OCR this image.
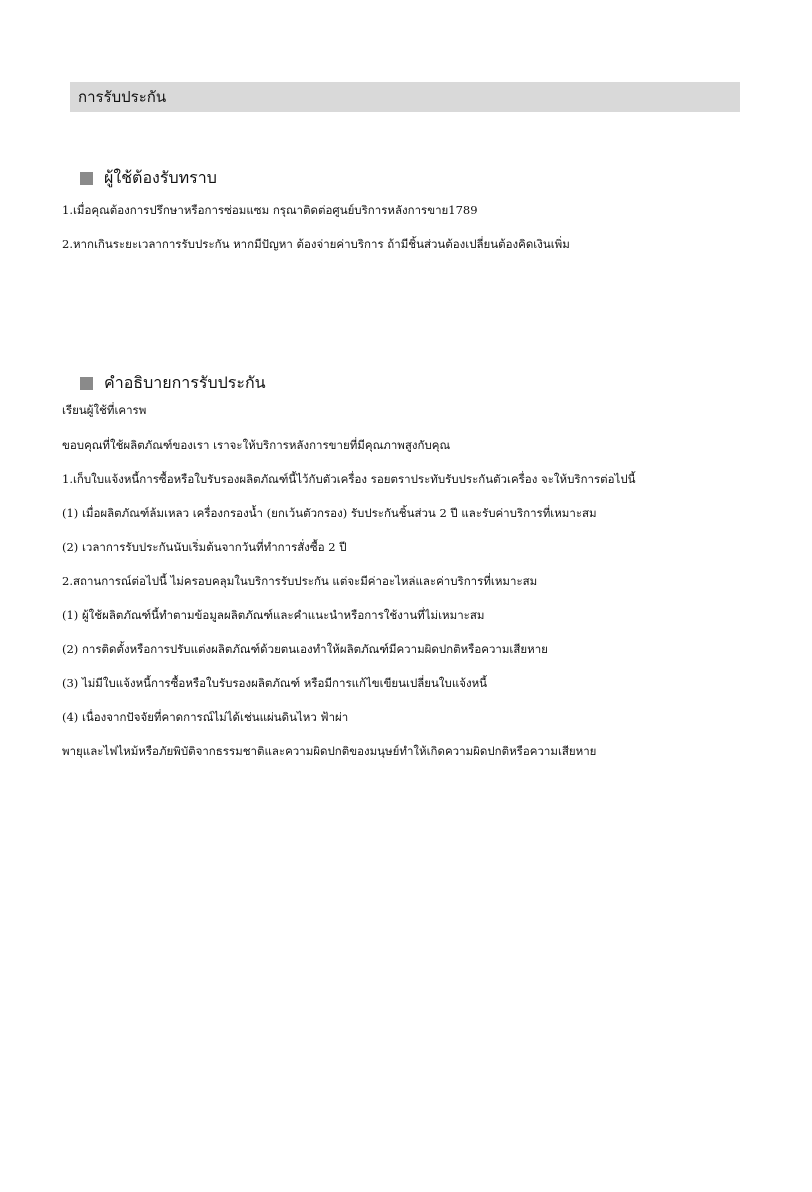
การรับประกัน
ผู้ใช้ต้องรับทราบ
1.เมื่อคุณต้องการปรึกษาหรือการซ่อมแซม กรุณาติดต่อศูนย์บริการหลังการขาย1789
2.หากเกินระยะเวลาการรับประกัน หากมีปัญหา ต้องจ่ายค่าบริการ ถ้ามีชิ้นส่วนต้องเปลี่ยนต้องคิดเงินเพิ่ม
คำอธิบายการรับประกัน
เรียนผู้ใช้ที่เคารพ
ขอบคุณที่ใช้ผลิตภัณฑ์ของเรา เราจะให้บริการหลังการขายที่มีคุณภาพสูงกับคุณ
1.เก็บใบแจ้งหนี้การซื้อหรือใบรับรองผลิตภัณฑ์นี้ไว้กับตัวเครื่อง รอยตราประทับรับประกันตัวเครื่อง จะให้บริการต่อไปนี้
(1) เมื่อผลิตภัณฑ์ล้มเหลว เครื่องกรองน้ำ (ยกเว้นตัวกรอง) รับประกันชิ้นส่วน 2 ปี และรับค่าบริการที่เหมาะสม
(2) เวลาการรับประกันนับเริ่มต้นจากวันที่ทำการสั่งซื้อ 2 ปี
2.สถานการณ์ต่อไปนี้ ไม่ครอบคลุมในบริการรับประกัน แต่จะมีค่าอะไหล่และค่าบริการที่เหมาะสม
(1) ผู้ใช้ผลิตภัณฑ์นี้ทำตามข้อมูลผลิตภัณฑ์และคำแนะนำหรือการใช้งานที่ไม่เหมาะสม
(2) การติดตั้งหรือการปรับแต่งผลิตภัณฑ์ด้วยตนเองทำให้ผลิตภัณฑ์มีความผิดปกติหรือความเสียหาย
(3) ไม่มีใบแจ้งหนี้การซื้อหรือใบรับรองผลิตภัณฑ์ หรือมีการแก้ไขเขียนเปลี่ยนใบแจ้งหนี้
(4) เนื่องจากปัจจัยที่คาดการณ์ไม่ได้เช่นแผ่นดินไหว ฟ้าผ่า
พายุและไฟไหม้หรือภัยพิบัติจากธรรมชาติและความผิดปกติของมนุษย์ทำให้เกิดความผิดปกติหรือความเสียหาย
